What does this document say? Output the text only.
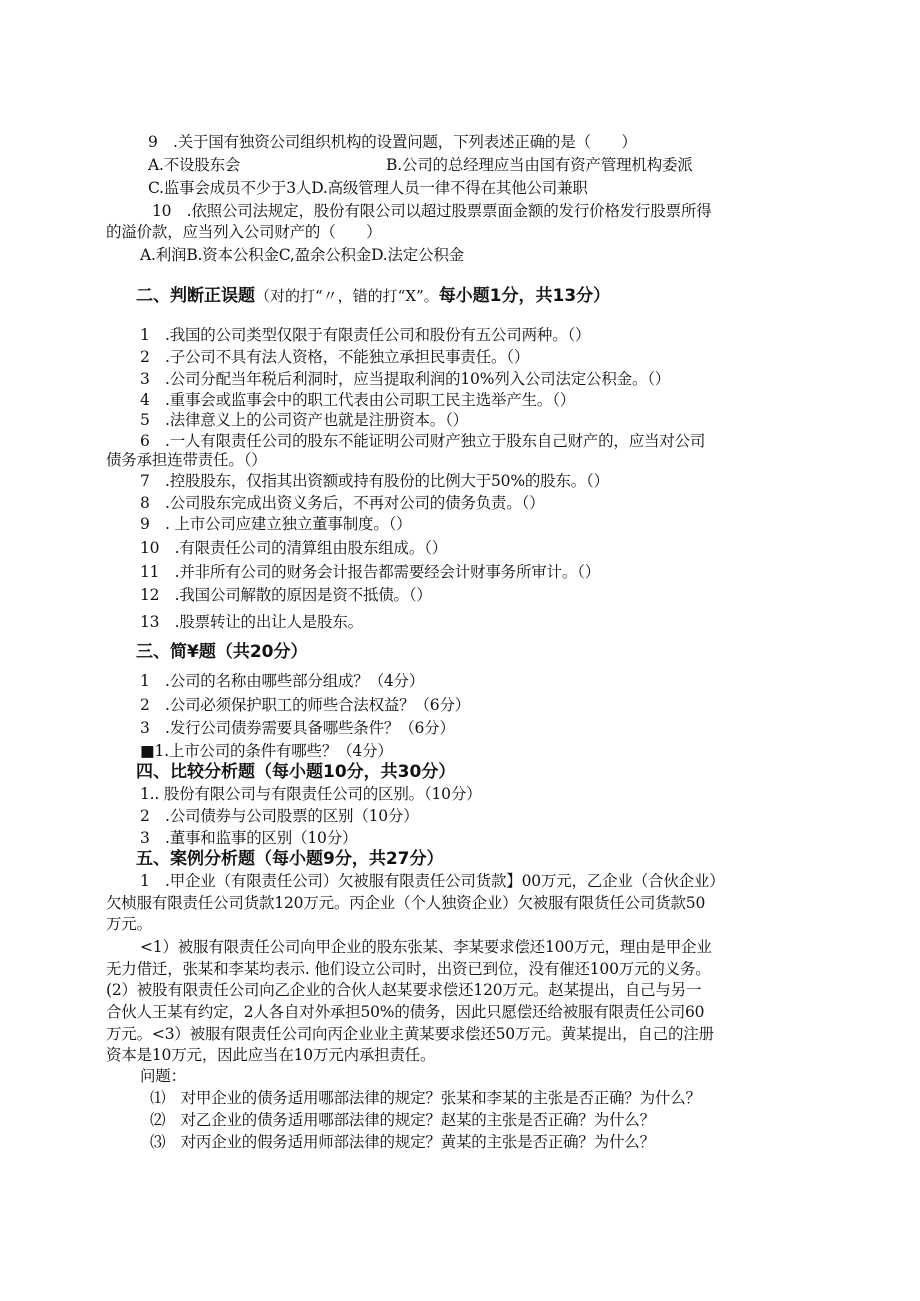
9　.关于国有独资公司组织机构的设置问题，下列表述正确的是（　　）
A.不设股东会	B.公司的总经理应当由国有资产管理机构委派
C.监事会成员不少于3人D.高级管理人员一律不得在其他公司兼职
10　.依照公司法规定，股份有限公司以超过股票票面金额的发行价格发行股票所得
的溢价款，应当列入公司财产的（　　）
A.利润B.资本公积金C,盈余公积金D.法定公积金
二、判断正误题（对的打“〃，错的打“X”。每小题1分，共13分）
1　.我国的公司类型仅限于有限责任公司和股份有五公司两种。（）
2　.子公司不具有法人资格，不能独立承担民事责任。（）
3　.公司分配当年税后利洞时，应当提取利润的10%列入公司法定公积金。（）
4　.重事会或监事会中的职工代表由公司职工民主选举产生。（）
5　.法律意义上的公司资产也就是注册资本。（）
6　.一人有限责任公司的股东不能证明公司财产独立于股东自己财产的，应当对公司
债务承担连带责任。（）
7　.控股股东，仅指其出资额或持有股份的比例大于50%的股东。（）
8　.公司股东完成出资义务后，不再对公司的债务负责。（）
9　. 上市公司应建立独立董事制度。（）
10　.有限责任公司的清算组由股东组成。（）
11　.并非所有公司的财务会计报告都需要经会计财事务所审计。（）
12　.我国公司解散的原因是资不抵债。（）
13　.股票转让的出让人是股东。
三、简¥题（共20分）
1　.公司的名称由哪些部分组成？（4分）
2　.公司必须保护职工的师些合法权益？（6分）
3　.发行公司债券需要具备哪些条件？（6分）
■1.上市公司的条件有哪些？（4分）
四、比较分析题（每小题10分，共30分）
1.. 股份有限公司与有限责任公司的区别。（10分）
2　.公司债券与公司股票的区别（10分）
3　.董事和监事的区别（10分）
五、案例分析题（每小题9分，共27分）
1　.甲企业（有限责任公司）欠被服有限责任公司货款】00万元，乙企业（合伙企业）
欠桢服有限责任公司货款120万元。丙企业（个人独资企业）欠被服有限货任公司货款50
万元。
<1）被服有限责任公司向甲企业的股东张某、李某要求偿还100万元，理由是甲企业
无力借迁，张某和李某均表示. 他们设立公司时，出资已到位，没有催还100万元的义务。
(2）被股有限责任公司向乙企业的合伙人赵某要求偿还120万元。赵某提出，自己与另一
合伙人王某有约定，2人各自对外承担50%的债务，因此只愿偿还给被服有限责任公司60
万元。<3）被服有限责任公司向丙企业业主黄某要求偿还50万元。黄某提出，自己的注册
资本是10万元，因此应当在10万元内承担责任。
问题：
⑴　对甲企业的债务适用哪部法律的规定？张某和李某的主张是否正确？为什么？
⑵　对乙企业的债务适用哪部法律的规定？赵某的主张是否正确？为什么？
⑶　对丙企业的假务适用师部法律的规定？黄某的主张是否正确？为什么？
